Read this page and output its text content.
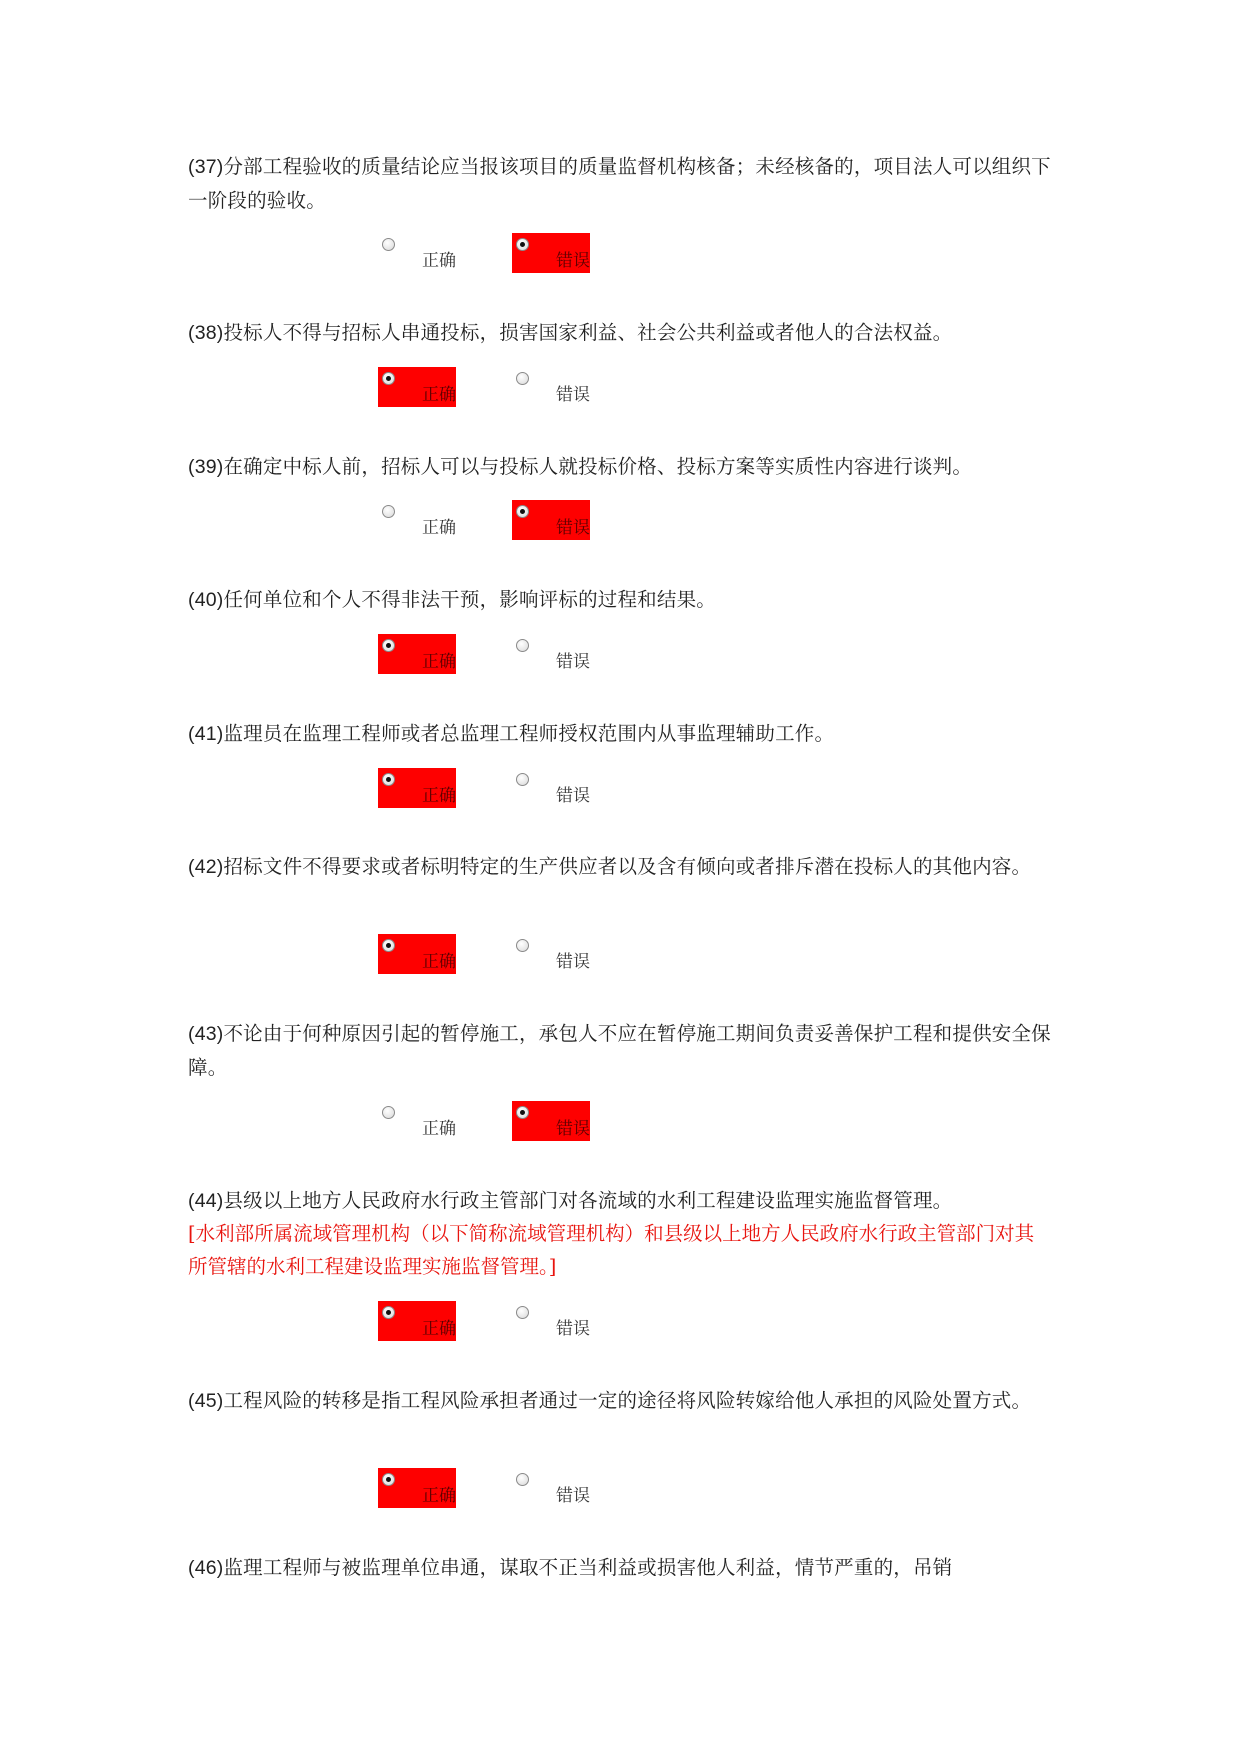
(37)分部工程验收的质量结论应当报该项目的质量监督机构核备；未经核备的，项目法人可以组织下一阶段的验收。
正确	错误
(38)投标人不得与招标人串通投标，损害国家利益、社会公共利益或者他人的合法权益。
正确	错误
(39)在确定中标人前，招标人可以与投标人就投标价格、投标方案等实质性内容进行谈判。
正确	错误
(40)任何单位和个人不得非法干预，影响评标的过程和结果。
正确	错误
(41)监理员在监理工程师或者总监理工程师授权范围内从事监理辅助工作。
正确	错误
(42)招标文件不得要求或者标明特定的生产供应者以及含有倾向或者排斥潜在投标人的其他内容。
正确	错误
(43)不论由于何种原因引起的暂停施工，承包人不应在暂停施工期间负责妥善保护工程和提供安全保障。
正确	错误
(44)县级以上地方人民政府水行政主管部门对各流域的水利工程建设监理实施监督管理。
[水利部所属流域管理机构（以下简称流域管理机构）和县级以上地方人民政府水行政主管部门对其所管辖的水利工程建设监理实施监督管理。]
正确	错误
(45)工程风险的转移是指工程风险承担者通过一定的途径将风险转嫁给他人承担的风险处置方式。
正确	错误
(46)监理工程师与被监理单位串通，谋取不正当利益或损害他人利益，情节严重的，吊销
